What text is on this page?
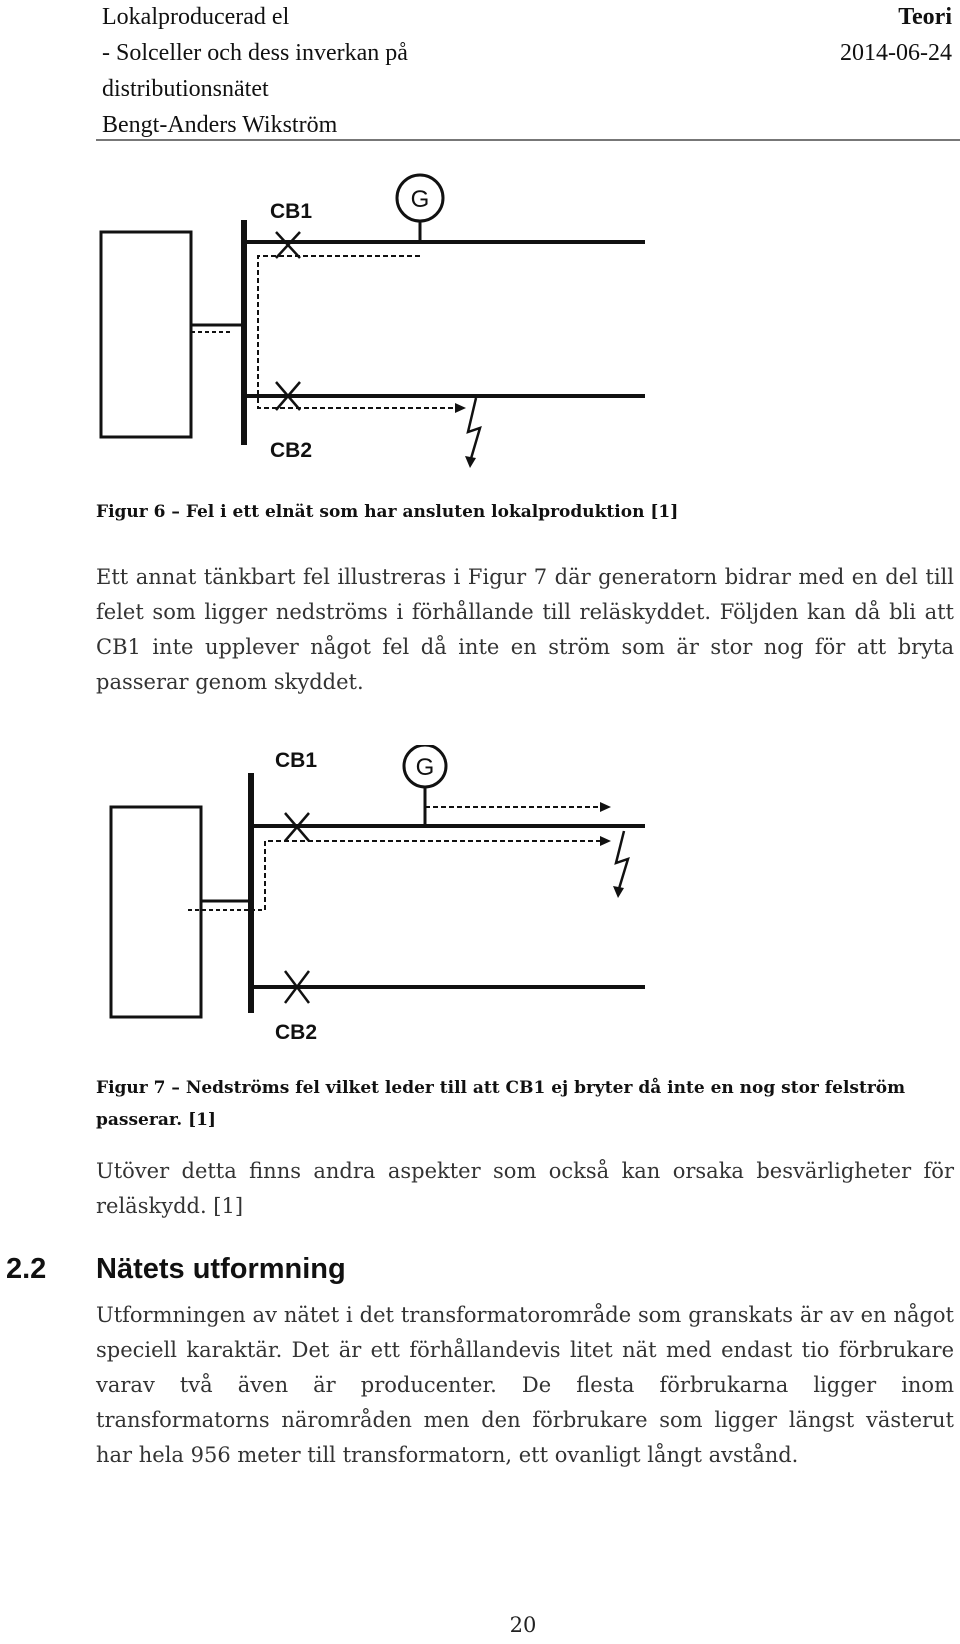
Lokalproducerad el
- Solceller och dess inverkan på
distributionsnätet
Bengt-Anders Wikström
Teori
2014-06-24
G
CB1
CB2
Figur 6 – Fel i ett elnät som har ansluten lokalproduktion [1]
Ett annat tänkbart fel illustreras i Figur 7 där generatorn bidrar med en del till felet som ligger nedströms i förhållande till reläskyddet. Följden kan då bli att CB1 inte upplever något fel då inte en ström som är stor nog för att bryta passerar genom skyddet.
G
CB1
CB2
Figur 7 – Nedströms fel vilket leder till att CB1 ej bryter då inte en nog stor felström passerar. [1]
Utöver detta finns andra aspekter som också kan orsaka besvärligheter för reläskydd. [1]
2.2 Nätets utformning
Utformningen av nätet i det transformatorområde som granskats är av en något speciell karaktär. Det är ett förhållandevis litet nät med endast tio förbrukare varav två även är producenter. De flesta förbrukarna ligger inom transformatorns närområden men den förbrukare som ligger längst västerut har hela 956 meter till transformatorn, ett ovanligt långt avstånd.
20
